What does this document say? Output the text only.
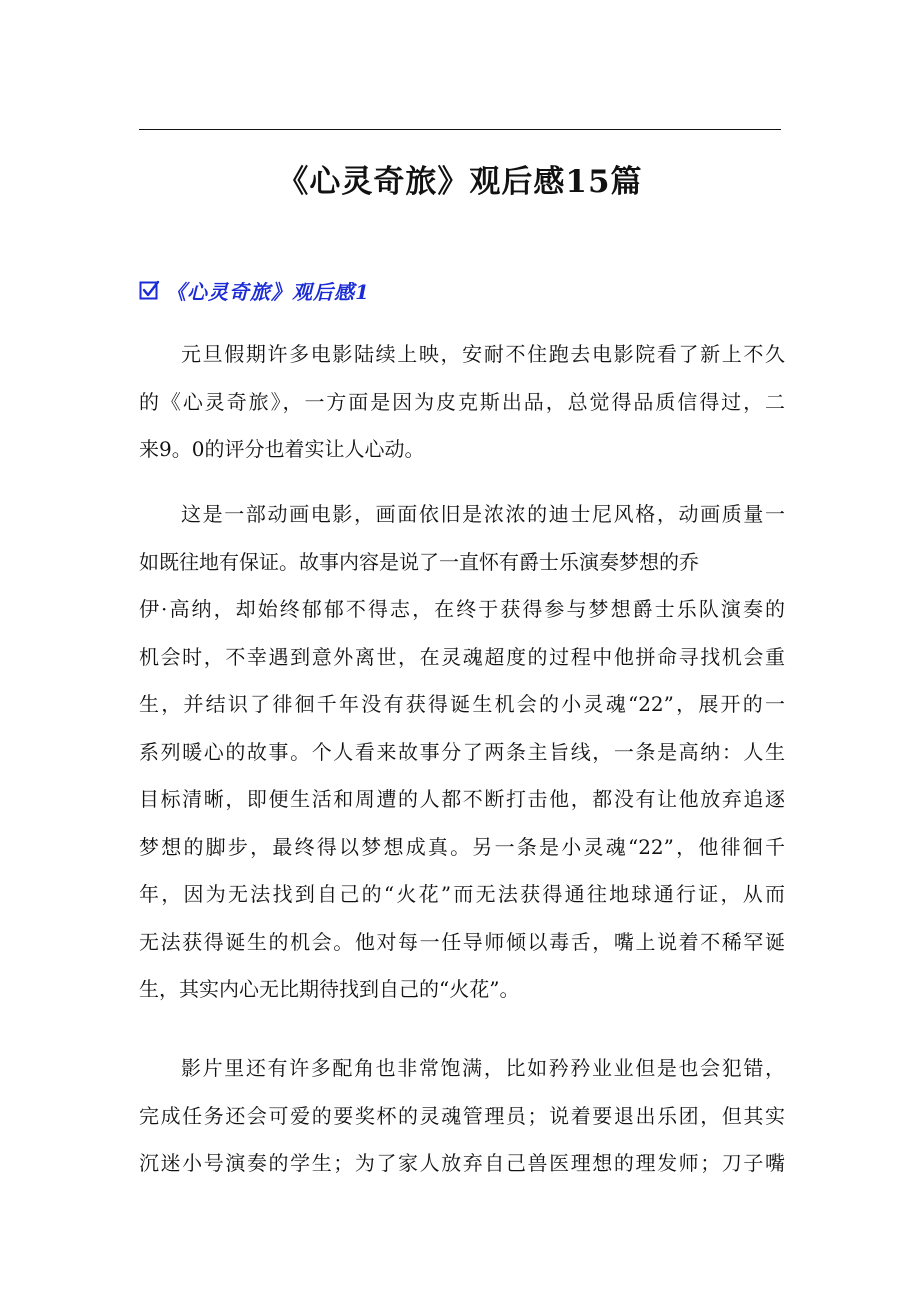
《心灵奇旅》观后感15篇
《心灵奇旅》观后感1
元旦假期许多电影陆续上映，安耐不住跑去电影院看了新上不久
的《心灵奇旅》，一方面是因为皮克斯出品，总觉得品质信得过，二
来9。0的评分也着实让人心动。
这是一部动画电影，画面依旧是浓浓的迪士尼风格，动画质量一
如既往地有保证。故事内容是说了一直怀有爵士乐演奏梦想的乔
伊·高纳，却始终郁郁不得志，在终于获得参与梦想爵士乐队演奏的
机会时，不幸遇到意外离世，在灵魂超度的过程中他拼命寻找机会重
生，并结识了徘徊千年没有获得诞生机会的小灵魂“22”，展开的一
系列暖心的故事。个人看来故事分了两条主旨线，一条是高纳：人生
目标清晰，即便生活和周遭的人都不断打击他，都没有让他放弃追逐
梦想的脚步，最终得以梦想成真。另一条是小灵魂“22”，他徘徊千
年，因为无法找到自己的“火花”而无法获得通往地球通行证，从而
无法获得诞生的机会。他对每一任导师倾以毒舌，嘴上说着不稀罕诞
生，其实内心无比期待找到自己的“火花”。
影片里还有许多配角也非常饱满，比如矜矜业业但是也会犯错，
完成任务还会可爱的要奖杯的灵魂管理员；说着要退出乐团，但其实
沉迷小号演奏的学生；为了家人放弃自己兽医理想的理发师；刀子嘴
